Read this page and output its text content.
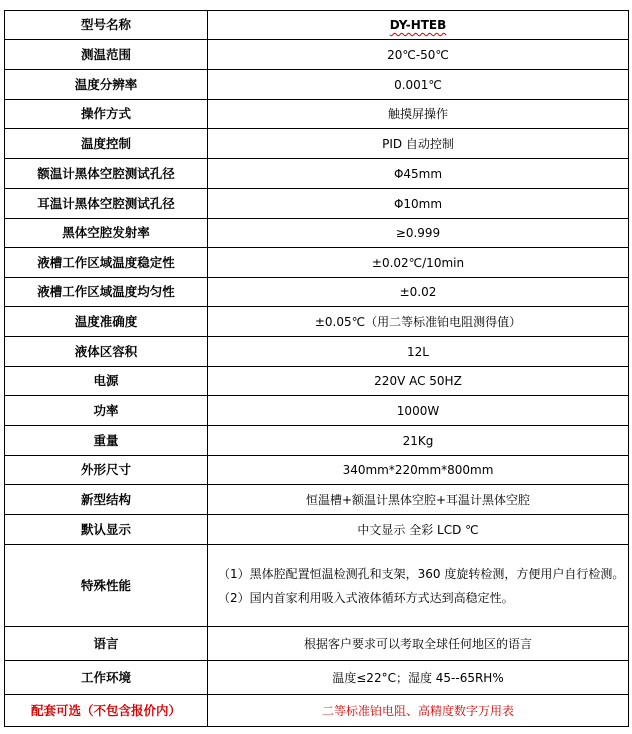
型号名称	DY-HTEB
测温范围	20℃-50℃
温度分辨率	0.001℃
操作方式	触摸屏操作
温度控制	PID 自动控制
额温计黑体空腔测试孔径	Φ45mm
耳温计黑体空腔测试孔径	Φ10mm
黑体空腔发射率	≥0.999
液槽工作区域温度稳定性	±0.02℃/10min
液槽工作区域温度均匀性	±0.02
温度准确度	±0.05℃（用二等标准铂电阻测得值）
液体区容积	12L
电源	220V AC 50HZ
功率	1000W
重量	21Kg
外形尺寸	340mm*220mm*800mm
新型结构	恒温槽+额温计黑体空腔+耳温计黑体空腔
默认显示	中文显示 全彩 LCD ℃
特殊性能	（1）黑体腔配置恒温检测孔和支架，360 度旋转检测，方便用户自行检测。
（2）国内首家利用吸入式液体循环方式达到高稳定性。

语言	根据客户要求可以考取全球任何地区的语言
工作环境	温度≤22°C；湿度 45--65RH%
配套可选（不包含报价内）	二等标准铂电阻、高精度数字万用表
